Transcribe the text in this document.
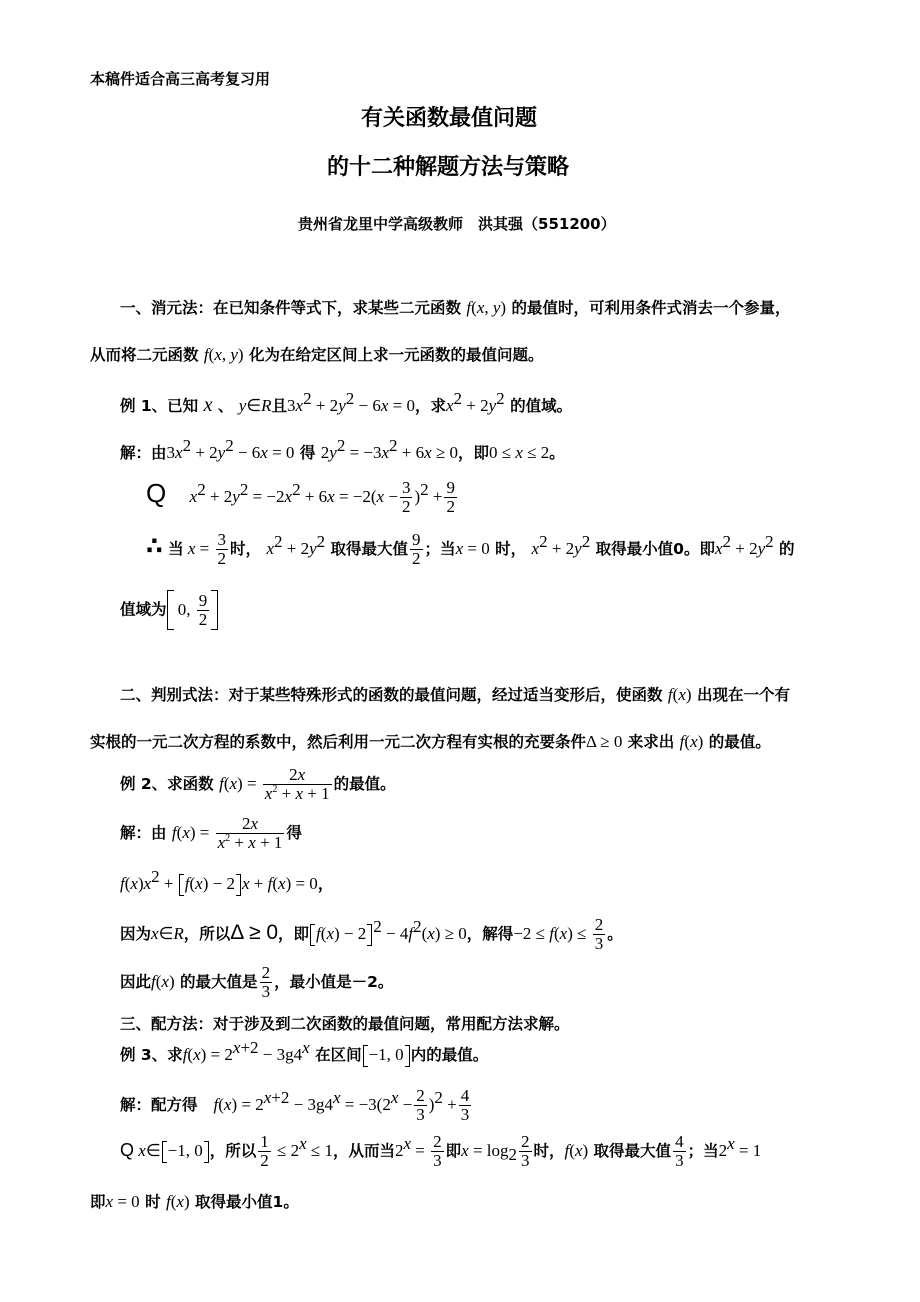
本稿件适合高三高考复习用
有关函数最值问题
的十二种解题方法与策略
贵州省龙里中学高级教师　洪其强（551200）
一、消元法：在已知条件等式下，求某些二元函数 f(x, y) 的最值时，可利用条件式消去一个参量，
从而将二元函数 f(x, y) 化为在给定区间上求一元函数的最值问题。
例 1、已知 x 、 y∈R且$3x^2 + 2y^2 - 6x = 0$，求$x^2 + 2y^2$ 的值域。
解：由$3x^2 + 2y^2 - 6x = 0$ 得 $2y^2 = -3x^2 + 6x \ge 0$，即0 ≤ x ≤ 2。
Q $x^2 + 2y^2 = -2x^2 + 6x = -2(x - \frac{3}{2} )^2 + \frac{9}{2}$
∴ 当 $x = \frac{3}{2}$ 时， $x^2 + 2y^2$ 取得最大值 $\frac{9}{2}$ ；当x = 0 时， $x^2 + 2y^2$ 取得最小值0。即$x^2 + 2y^2$ 的
值域为 0, $\frac{9}{2}$
二、判别式法：对于某些特殊形式的函数的最值问题，经过适当变形后，使函数 f(x) 出现在一个有
实根的一元二次方程的系数中，然后利用一元二次方程有实根的充要条件Δ ≥ 0 来求出 f(x) 的最值。
例 2、求函数 $f(x) = \frac{2x}{x^2 + x + 1}$ 的最值。
解：由 $f(x) = \frac{2x}{x^2 + x + 1}$ 得
$f(x)x^2 + f(x) - 2$ x + f(x) = 0，
因为x∈R，所以Δ ≥ 0，即 f(x) − 2 $^2 - 4f^2(x) \ge 0$，解得$-2 \le f(x) \le \frac{2}{3}$ 。
因此f(x) 的最大值是 $\frac{2}{3}$ ，最小值是－2。
三、配方法：对于涉及到二次函数的最值问题，常用配方法求解。
例 3、求$f(x) = 2^{x+2} - 3g4^x$ 在区间 −1, 0 内的最值。
解：配方得 $f(x) = 2^{x+2} - 3g4^x = -3(2^x - \frac{2}{3} )^2 + \frac{4}{3}$
Q x∈ −1, 0 ，所以 $\frac{1}{2} \le 2^x \le 1$，从而当$2^x = \frac{2}{3}$ 即$x = \log_2 \frac{2}{3}$ 时，f(x) 取得最大值 $\frac{4}{3}$ ；当$2^x = 1$
即x = 0 时 f(x) 取得最小值1。
